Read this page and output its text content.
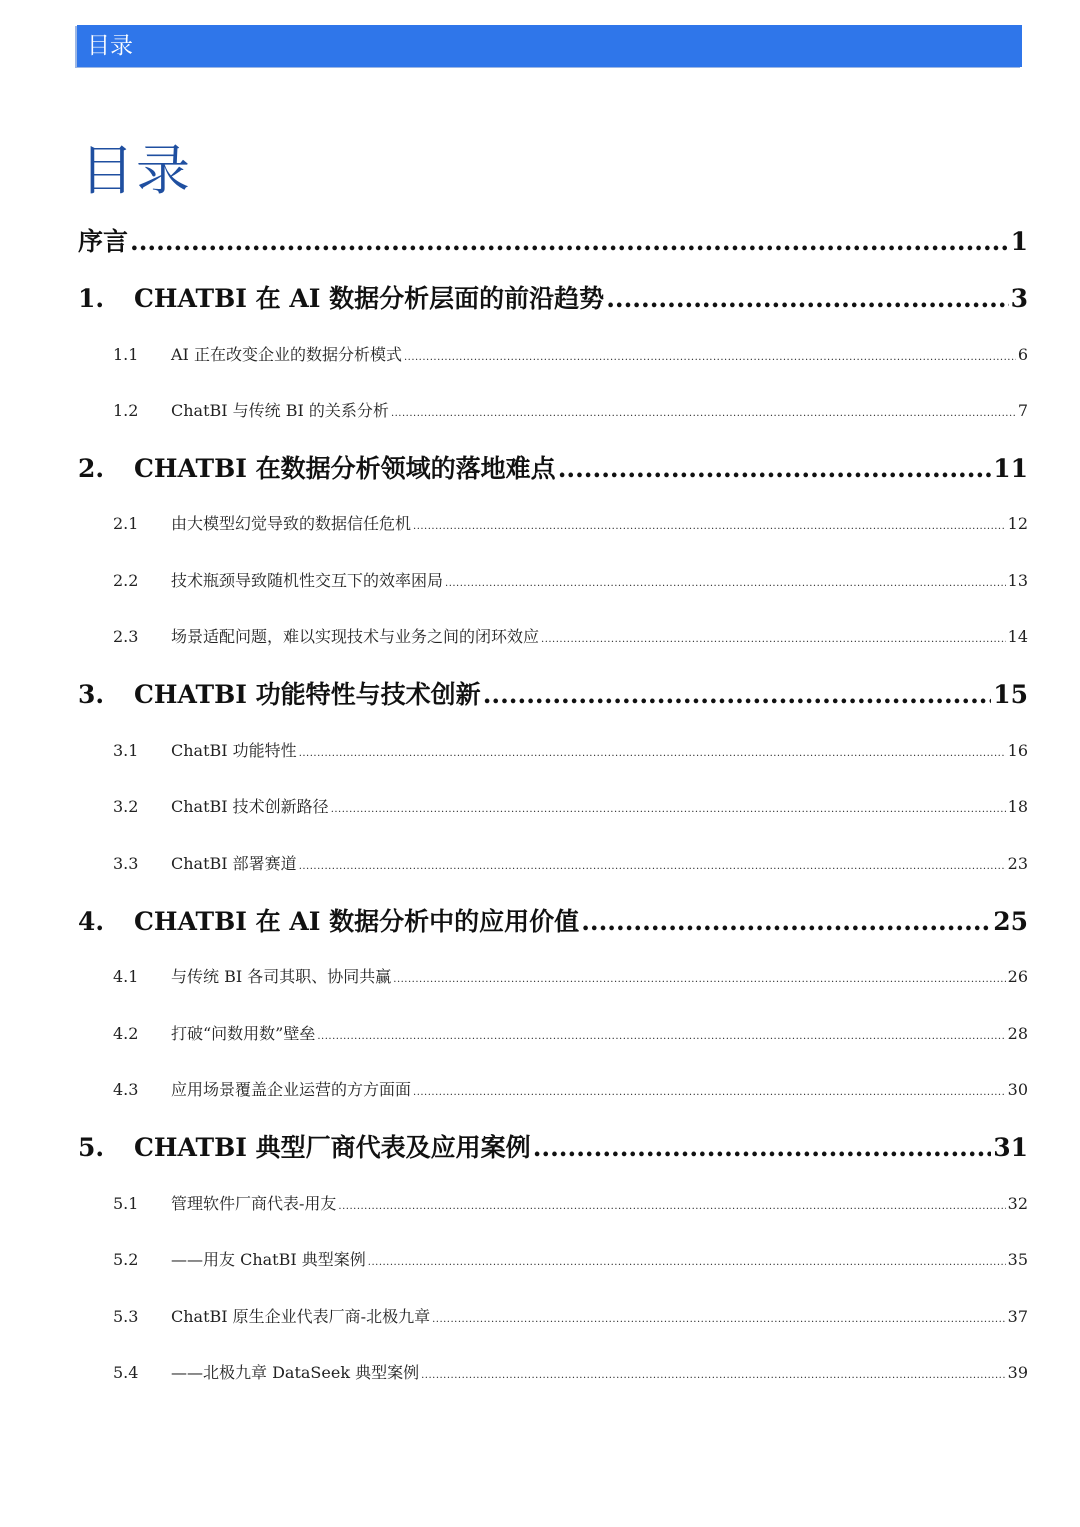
目录
目录
序言 .....	1
1.	CHATBI 在 AI 数据分析层面的前沿趋势 .....	3
1.1	AI 正在改变企业的数据分析模式 .....	6
1.2	ChatBI 与传统 BI 的关系分析 .....	7
2.	CHATBI 在数据分析领域的落地难点 .....	11
2.1	由大模型幻觉导致的数据信任危机 .....	12
2.2	技术瓶颈导致随机性交互下的效率困局 .....	13
2.3	场景适配问题，难以实现技术与业务之间的闭环效应 .....	14
3.	CHATBI 功能特性与技术创新 .....	15
3.1	ChatBI 功能特性 .....	16
3.2	ChatBI 技术创新路径 .....	18
3.3	ChatBI 部署赛道 .....	23
4.	CHATBI 在 AI 数据分析中的应用价值 .....	25
4.1	与传统 BI 各司其职、协同共赢 .....	26
4.2	打破“问数用数”壁垒 .....	28
4.3	应用场景覆盖企业运营的方方面面 .....	30
5.	CHATBI 典型厂商代表及应用案例 .....	31
5.1	管理软件厂商代表-用友 .....	32
5.2	——用友 ChatBI 典型案例 .....	35
5.3	ChatBI 原生企业代表厂商-北极九章 .....	37
5.4	——北极九章 DataSeek 典型案例 .....	39
